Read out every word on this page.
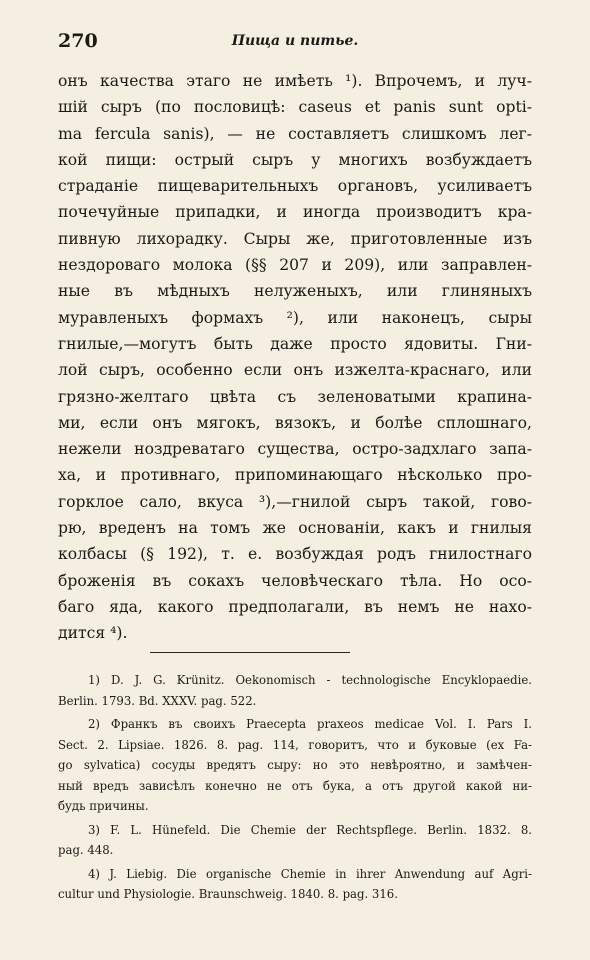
270	Пища и питье.
онъ качества этаго не имѣеть ¹). Впрочемъ, и луч-
шій сыръ (по пословицѣ: caseus et panis sunt opti-
ma fercula sanis), — не составляетъ слишкомъ лег-
кой пищи: острый сыръ у многихъ возбуждаетъ
страданіе пищеварительныхъ органовъ, усиливаетъ
почечуйные припадки, и иногда производитъ кра-
пивную лихорадку. Сыры же, приготовленные изъ
нездороваго молока (§§ 207 и 209), или заправлен-
ные въ мѣдныхъ нелуженыхъ, или глиняныхъ
муравленыхъ формахъ ²), или наконецъ, сыры
гнилые,—могутъ быть даже просто ядовиты. Гни-
лой сыръ, особенно если онъ изжелта-краснаго, или
грязно-желтаго цвѣта съ зеленоватыми крапина-
ми, если онъ мягокъ, вязокъ, и болѣе сплошнаго,
нежели ноздреватаго существа, остро-задхлаго запа-
ха, и противнаго, припоминающаго нѣсколько про-
горклое сало, вкуса ³),—гнилой сыръ такой, гово-
рю, вреденъ на томъ же основаніи, какъ и гнилыя
колбасы (§ 192), т. е. возбуждая родъ гнилостнаго
броженія въ сокахъ человѣческаго тѣла. Но осо-
баго яда, какого предполагали, въ немъ не нахо-
дится ⁴).
1) D. J. G. Krünitz. Oekonomisch - technologische Encyklopaedie.
Berlin. 1793. Bd. XXXV. pag. 522.
2) Франкъ въ своихъ Praecepta praxeos medicae Vol. I. Pars I.
Sect. 2. Lipsiae. 1826. 8. pag. 114, говоритъ, что и буковые (ex Fa-
go sylvatica) сосуды вредятъ сыру: но это невѣроятно, и замѣчен-
ный вредъ зависѣлъ конечно не отъ бука, а отъ другой какой ни-
будь причины.
3) F. L. Hünefeld. Die Chemie der Rechtspflege. Berlin. 1832. 8.
pag. 448.
4) J. Liebig. Die organische Chemie in ihrer Anwendung auf Agri-
cultur und Physiologie. Braunschweig. 1840. 8. pag. 316.
